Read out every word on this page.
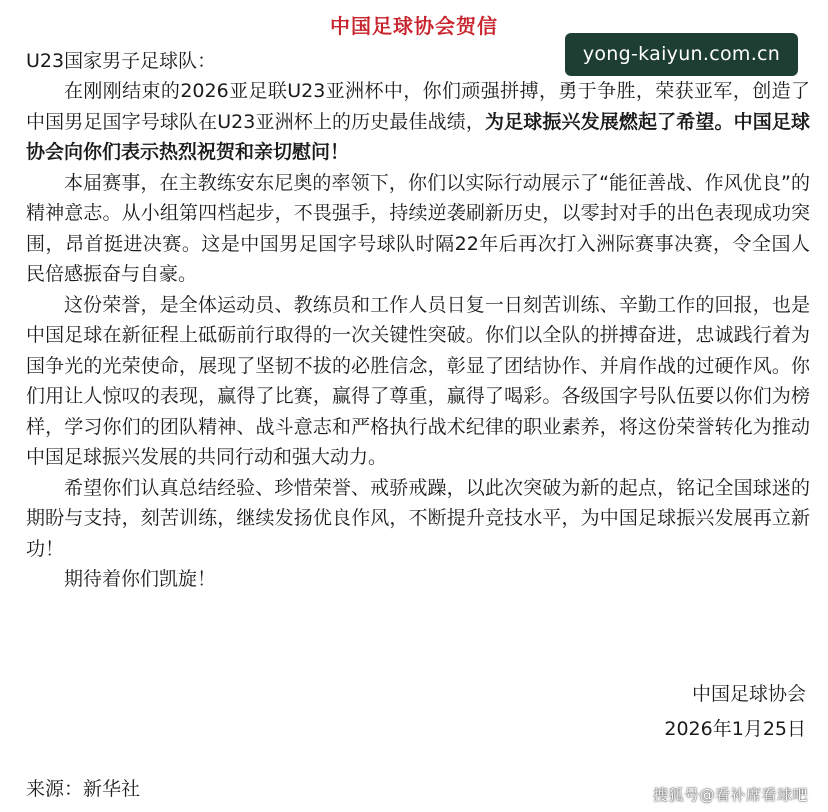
中国足球协会贺信
yong-kaiyun.com.cn
U23国家男子足球队：

在刚刚结束的2026亚足联U23亚洲杯中，你们顽强拼搏，勇于争胜，荣获亚军，创造了中国男足国字号球队在U23亚洲杯上的历史最佳战绩，为足球振兴发展燃起了希望。中国足球协会向你们表示热烈祝贺和亲切慰问！

本届赛事，在主教练安东尼奥的率领下，你们以实际行动展示了“能征善战、作风优良”的精神意志。从小组第四档起步，不畏强手，持续逆袭刷新历史，以零封对手的出色表现成功突围，昂首挺进决赛。这是中国男足国字号球队时隔22年后再次打入洲际赛事决赛，令全国人民倍感振奋与自豪。

这份荣誉，是全体运动员、教练员和工作人员日复一日刻苦训练、辛勤工作的回报，也是中国足球在新征程上砥砺前行取得的一次关键性突破。你们以全队的拼搏奋进，忠诚践行着为国争光的光荣使命，展现了坚韧不拔的必胜信念，彰显了团结协作、并肩作战的过硬作风。你们用让人惊叹的表现，赢得了比赛，赢得了尊重，赢得了喝彩。各级国字号队伍要以你们为榜样，学习你们的团队精神、战斗意志和严格执行战术纪律的职业素养，将这份荣誉转化为推动中国足球振兴发展的共同行动和强大动力。

希望你们认真总结经验、珍惜荣誉、戒骄戒躁，以此次突破为新的起点，铭记全国球迷的期盼与支持，刻苦训练，继续发扬优良作风，不断提升竞技水平，为中国足球振兴发展再立新功！

期待着你们凯旋！

中国足球协会
2026年1月25日
来源：新华社	搜狐号@看补席看球吧
